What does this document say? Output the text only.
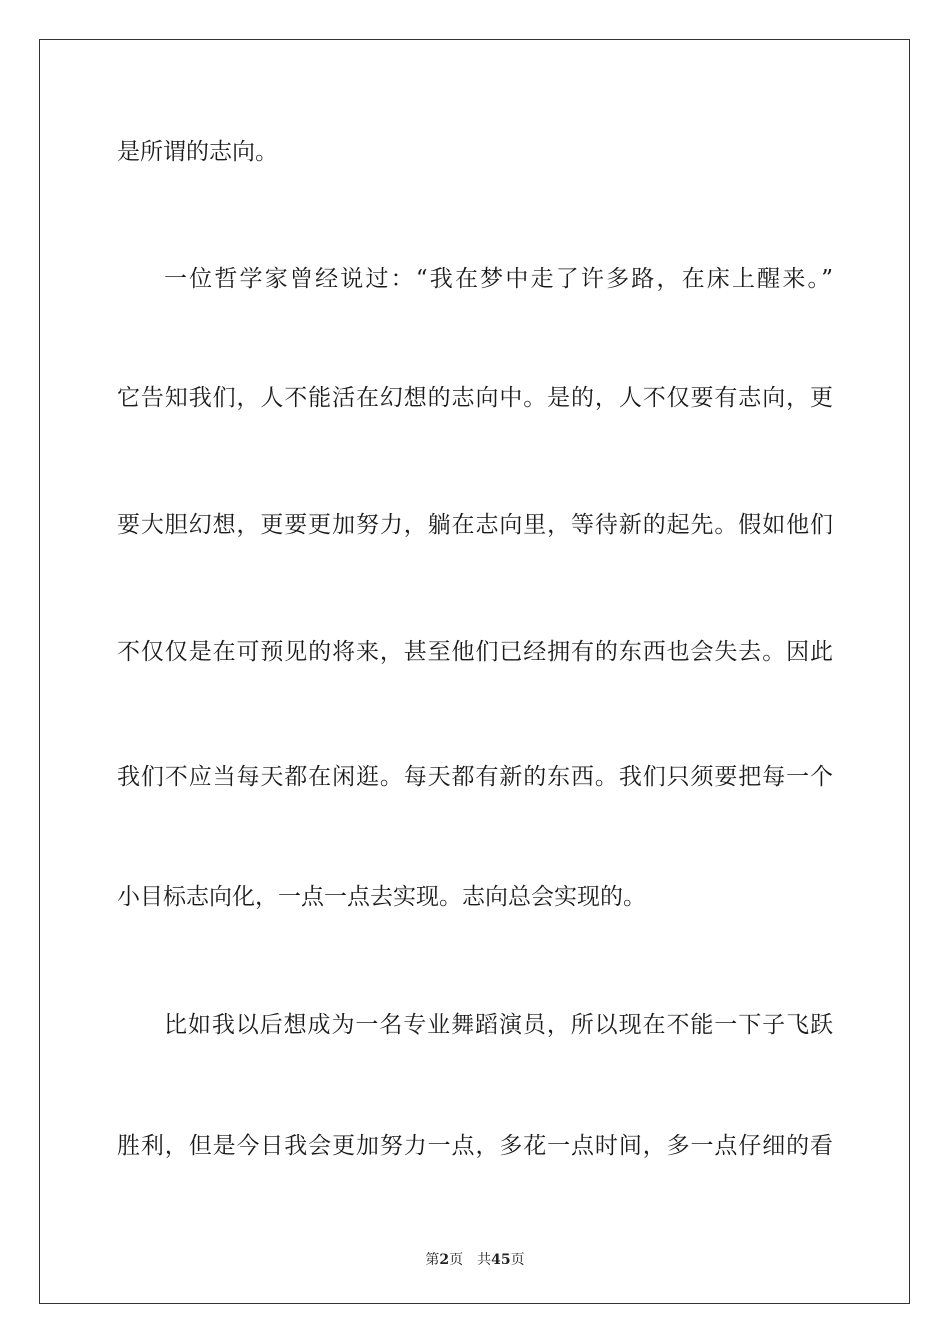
是所谓的志向。
一位哲学家曾经说过：“我在梦中走了许多路，在床上醒来。”
它告知我们，人不能活在幻想的志向中。是的，人不仅要有志向，更
要大胆幻想，更要更加努力，躺在志向里，等待新的起先。假如他们
不仅仅是在可预见的将来，甚至他们已经拥有的东西也会失去。因此
我们不应当每天都在闲逛。每天都有新的东西。我们只须要把每一个
小目标志向化，一点一点去实现。志向总会实现的。
比如我以后想成为一名专业舞蹈演员，所以现在不能一下子飞跃
胜利，但是今日我会更加努力一点，多花一点时间，多一点仔细的看
第2页 共45页
